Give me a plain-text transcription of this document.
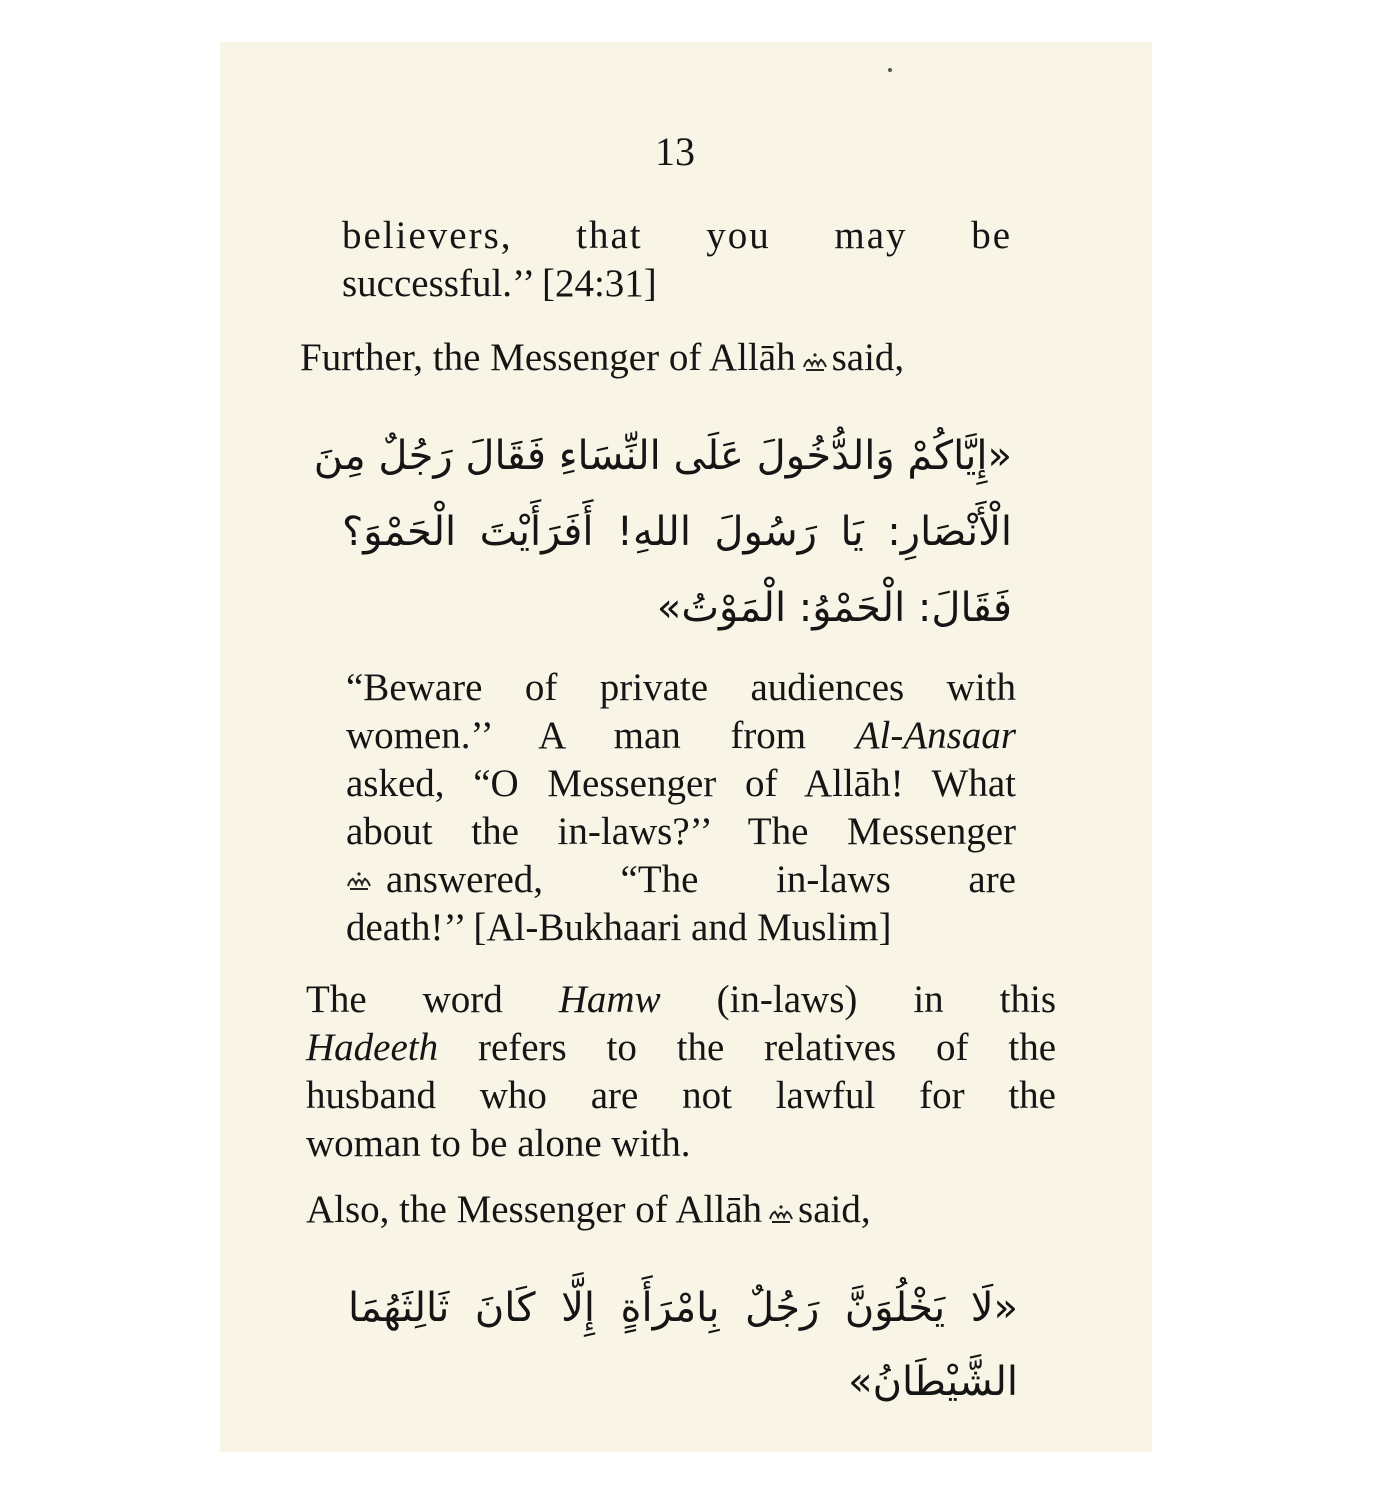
13
believers, that you may be
successful.’’ [24:31]
Further, the Messenger of Allāh said,
«إِيَّاكُمْ وَالدُّخُولَ عَلَى النِّسَاءِ فَقَالَ رَجُلٌ مِنَ
الْأَنْصَارِ: يَا رَسُولَ اللهِ! أَفَرَأَيْتَ الْحَمْوَ؟
فَقَالَ: الْحَمْوُ: الْمَوْتُ»
“Beware of private audiences with
women.’’ A man from Al-Ansaar
asked, “O Messenger of Allāh! What
about the in-laws?’’ The Messenger
answered, “The in-laws are
death!’’ [Al-Bukhaari and Muslim]
The word Hamw (in-laws) in this
Hadeeth refers to the relatives of the
husband who are not lawful for the
woman to be alone with.
Also, the Messenger of Allāh said,
«لَا يَخْلُوَنَّ رَجُلٌ بِامْرَأَةٍ إِلَّا كَانَ ثَالِثَهُمَا
الشَّيْطَانُ»
